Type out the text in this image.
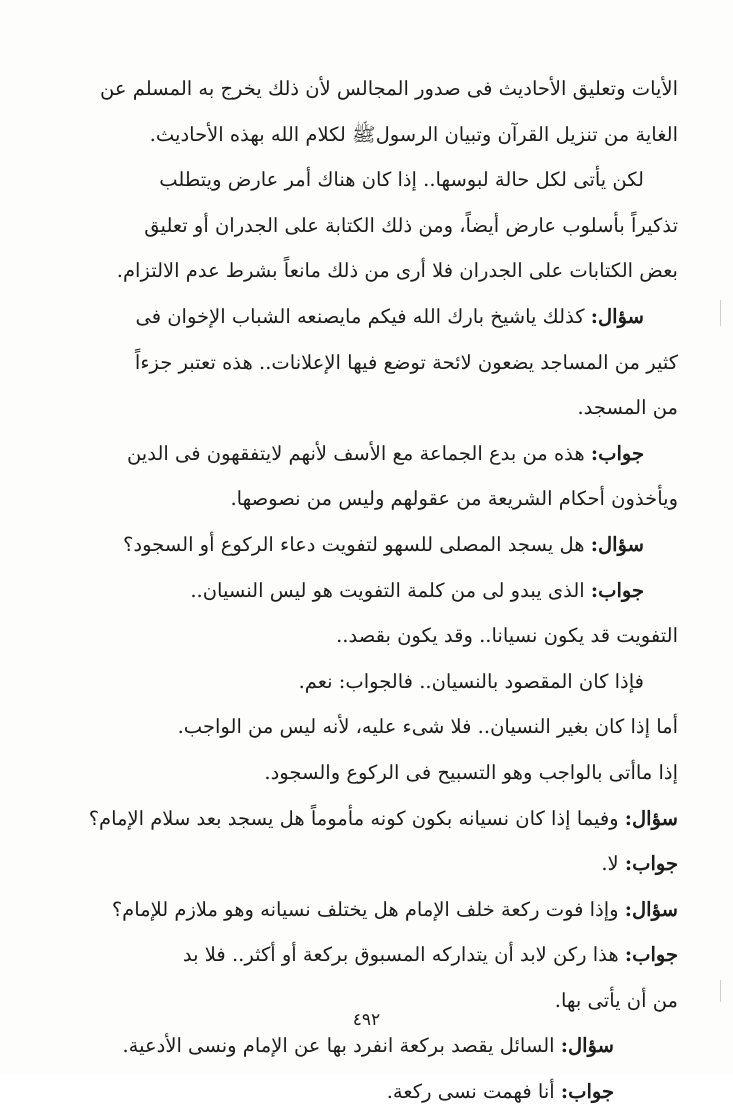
الأيات وتعليق الأحاديث فى صدور المجالس لأن ذلك يخرج به المسلم عن
الغاية من تنزيل القرآن وتبيان الرسولﷺ لكلام الله بهذه الأحاديث.
لكن يأتى لكل حالة لبوسها.. إذا كان هناك أمر عارض ويتطلب
تذكيراً بأسلوب عارض أيضاً، ومن ذلك الكتابة على الجدران أو تعليق
بعض الكتابات على الجدران فلا أرى من ذلك مانعاً بشرط عدم الالتزام.
سؤال: كذلك ياشيخ بارك الله فيكم مايصنعه الشباب الإخوان فى
كثير من المساجد يضعون لائحة توضع فيها الإعلانات.. هذه تعتبر جزءاً
من المسجد.
جواب: هذه من بدع الجماعة مع الأسف لأنهم لايتفقهون فى الدين
ويأخذون أحكام الشريعة من عقولهم وليس من نصوصها.
سؤال: هل يسجد المصلى للسهو لتفويت دعاء الركوع أو السجود؟
جواب: الذى يبدو لى من كلمة التفويت هو ليس النسيان..
التفويت قد يكون نسيانا.. وقد يكون بقصد..
فإذا كان المقصود بالنسيان.. فالجواب: نعم.
أما إذا كان بغير النسيان.. فلا شىء عليه، لأنه ليس من الواجب.
إذا ماأتى بالواجب وهو التسبيح فى الركوع والسجود.
سؤال: وفيما إذا كان نسيانه بكون كونه مأموماً هل يسجد بعد سلام الإمام؟
جواب: لا.
سؤال: وإذا فوت ركعة خلف الإمام هل يختلف نسيانه وهو ملازم للإمام؟
جواب: هذا ركن لابد أن يتداركه المسبوق بركعة أو أكثر.. فلا بد
من أن يأتى بها.
سؤال: السائل يقصد بركعة انفرد بها عن الإمام ونسى الأدعية.
جواب: أنا فهمت نسى ركعة.
٤٩٢
